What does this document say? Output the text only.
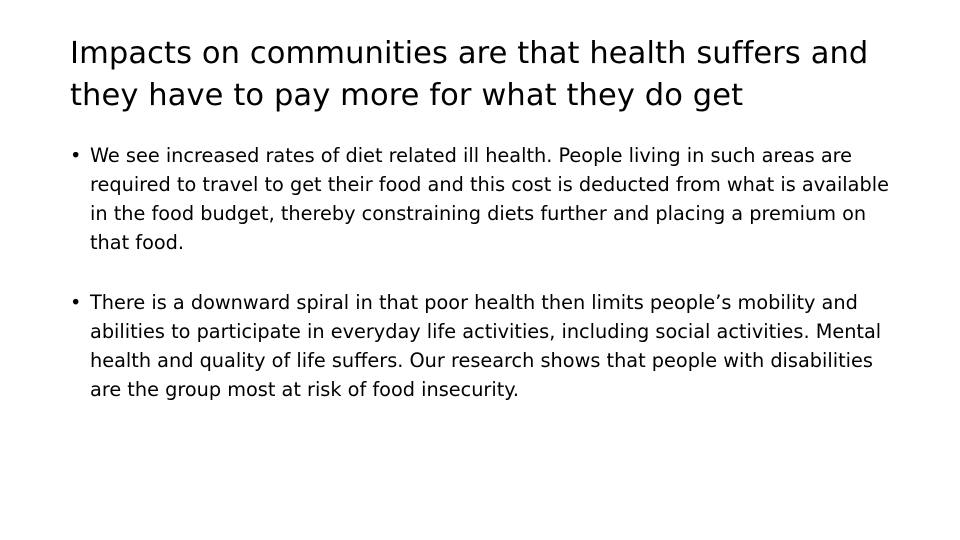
Impacts on communities are that health suffers and they have to pay more for what they do get
• We see increased rates of diet related ill health. People living in such areas are required to travel to get their food and this cost is deducted from what is available in the food budget, thereby constraining diets further and placing a premium on that food.
• There is a downward spiral in that poor health then limits people’s mobility and abilities to participate in everyday life activities, including social activities. Mental health and quality of life suffers. Our research shows that people with disabilities are the group most at risk of food insecurity.
